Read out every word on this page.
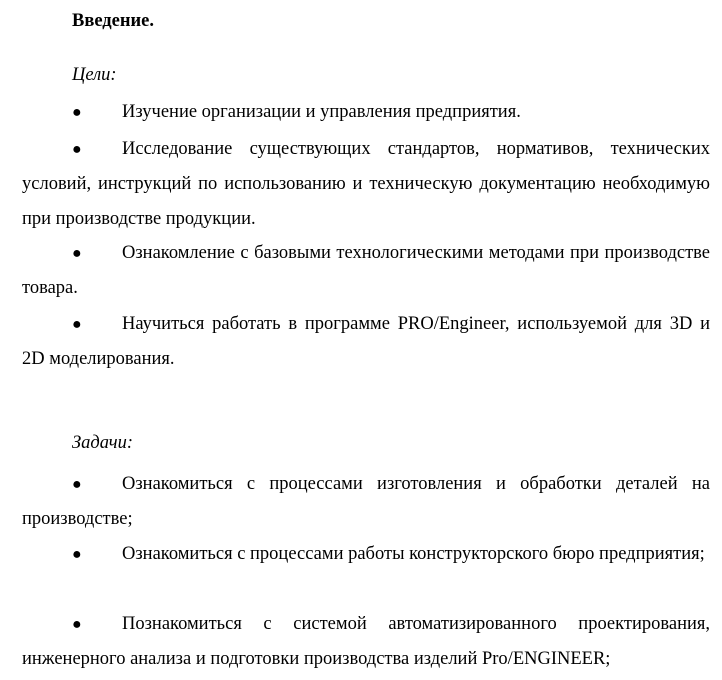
Введение.
Цели:
●	Изучение организации и управления предприятия.
●	Исследование существующих стандартов, нормативов, технических условий, инструкций по использованию и техническую документацию необходимую при производстве продукции.
●	Ознакомление с базовыми технологическими методами при производстве товара.
●	Научиться работать в программе PRO/Engineer, используемой для 3D и 2D моделирования.
Задачи:
●	Ознакомиться с процессами изготовления и обработки деталей на производстве;
●	Ознакомиться с процессами работы конструкторского бюро предприятия;
●	Познакомиться с системой автоматизированного проектирования, инженерного анализа и подготовки производства изделий Pro/ENGINEER;
